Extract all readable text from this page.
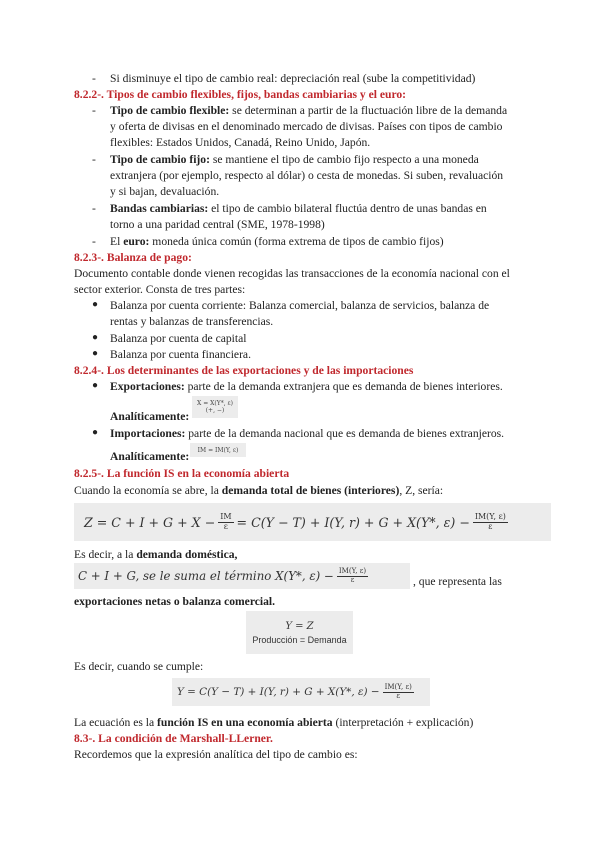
- Si disminuye el tipo de cambio real: depreciación real (sube la competitividad)
8.2.2-. Tipos de cambio flexibles, fijos, bandas cambiarias y el euro:
- Tipo de cambio flexible: se determinan a partir de la fluctuación libre de la demanda
y oferta de divisas en el denominado mercado de divisas. Países con tipos de cambio
flexibles: Estados Unidos, Canadá, Reino Unido, Japón.
- Tipo de cambio fijo: se mantiene el tipo de cambio fijo respecto a una moneda
extranjera (por ejemplo, respecto al dólar) o cesta de monedas. Si suben, revaluación
y si bajan, devaluación.
- Bandas cambiarias: el tipo de cambio bilateral fluctúa dentro de unas bandas en
torno a una paridad central (SME, 1978-1998)
- El euro: moneda única común (forma extrema de tipos de cambio fijos)
8.2.3-. Balanza de pago:
Documento contable donde vienen recogidas las transacciones de la economía nacional con el
sector exterior. Consta de tres partes:
● Balanza por cuenta corriente: Balanza comercial, balanza de servicios, balanza de
rentas y balanzas de transferencias.
● Balanza por cuenta de capital
● Balanza por cuenta financiera.
8.2.4-. Los determinantes de las exportaciones y de las importaciones
● Exportaciones: parte de la demanda extranjera que es demanda de bienes interiores.
Analíticamente:
X = X(Y*, ε)
(+, −)
● Importaciones: parte de la demanda nacional que es demanda de bienes extranjeros.
Analíticamente: IM = IM(Y, ε)
8.2.5-. La función IS en la economía abierta
Cuando la economía se abre, la demanda total de bienes (interiores), Z, sería:
$Z = C + I + G + X - \frac{IM}{\varepsilon} = C(Y - T) + I(Y$, r) + G + X(Y*, $\varepsilon) - \frac{IM(Y, \varepsilon)}{\varepsilon}$
Es decir, a la demanda doméstica,
C + I + G, se le suma el término X(Y*, $\varepsilon) - \frac{IM(Y, \varepsilon)}{\varepsilon}$	, que representa las
exportaciones netas o balanza comercial.
Y = Z
Producción = Demanda
Es decir, cuando se cumple:
Y = C(Y − T) + I(Y, r) + G + X(Y*, $\varepsilon) - \frac{IM(Y, \varepsilon)}{\varepsilon}$
La ecuación es la función IS en una economía abierta (interpretación + explicación)
8.3-. La condición de Marshall-LLerner.
Recordemos que la expresión analítica del tipo de cambio es:
